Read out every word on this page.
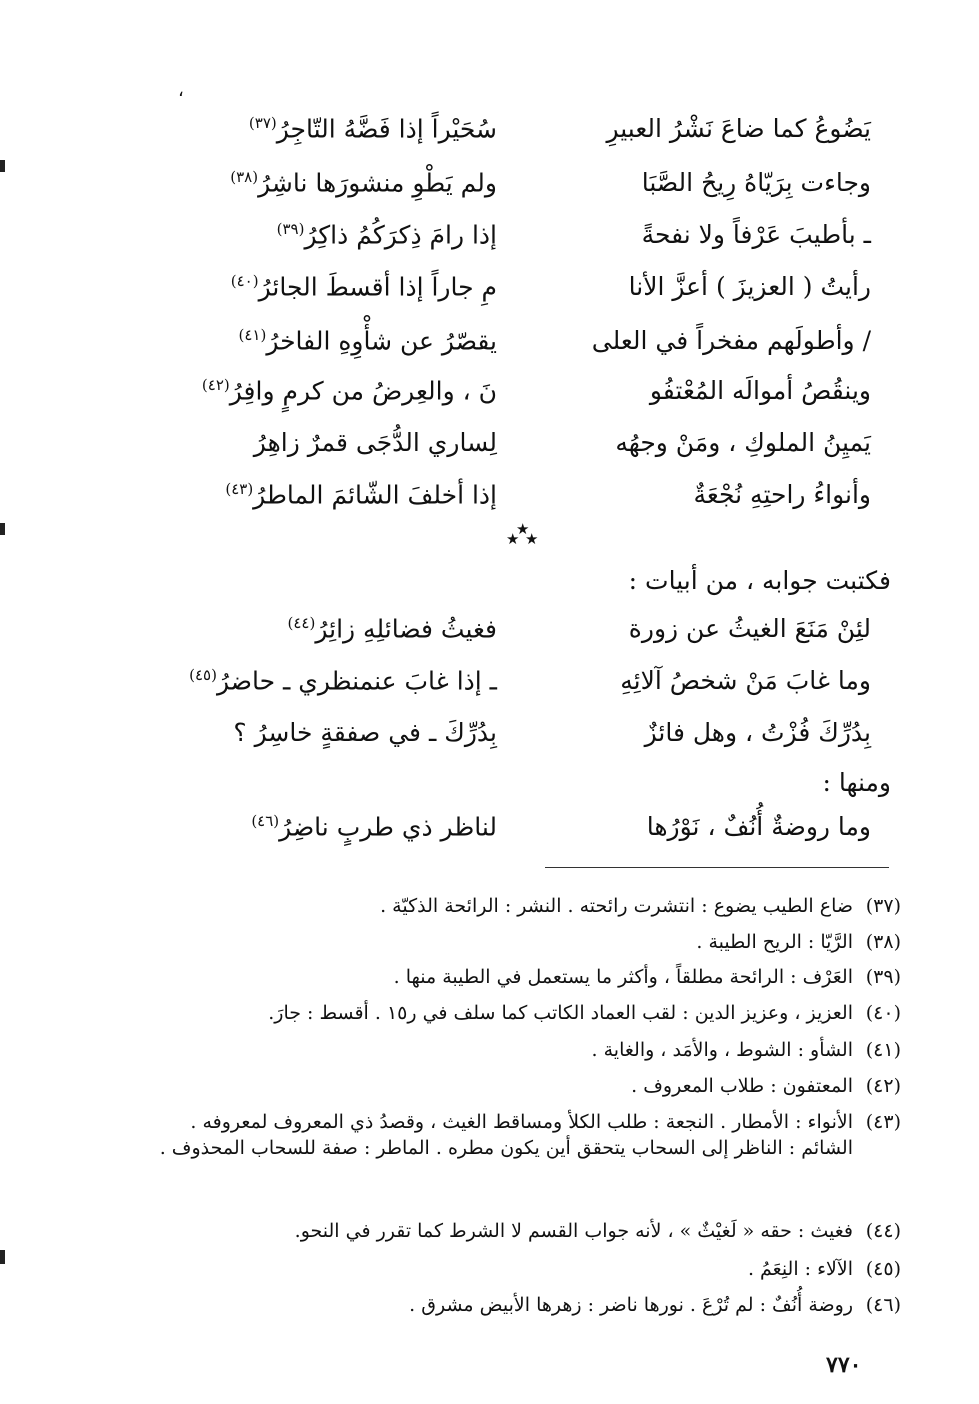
،
يَضُوعُ كما ضاعَ نَشْرُ العبيرِ
سُحَيْراً إذا فَضَّهُ التّاجِرُ$^{(٣٧)}$
وجاءت بِرَيّاهُ رِيحُ الصَّبَا
ولم يَطْوِ منشورَها ناشِرُ$^{(٣٨)}$
ـ بأطيبَ عَرْفاً ولا نفحةً
إذا رامَ ذِكرَكُمُ ذاكِرُ$^{(٣٩)}$
رأيتُ ( العزيزَ ) أعزَّ الأنا
مِ جاراً إذا أقسطَ الجائرُ$^{(٤٠)}$
/ وأطولَهم مفخراً في العلى
يقصّرُ عن شأْوِهِ الفاخرُ$^{(٤١)}$
وينقُصُ أموالَه المُعْتفُو
نَ ، والعِرضُ من كرمٍ وافِرُ$^{(٤٢)}$
يَميِنُ الملوكِ ، ومَنْ وجهُه
لِساري الدُّجَى قمرٌ زاهِرُ
وأنواءُ راحتِهِ نُجْعَةٌ
إذا أخلفَ الشّائمَ الماطرُ$^{(٤٣)}$
★
★ ★
فكتبت جوابه ، من أبيات :
لئِنْ مَنَعَ الغيثُ عن زورة
فغيثُ فضائلِهِ زائِرُ$^{(٤٤)}$
وما غابَ مَنْ شخصُ آلائِهِ
ـ إذا غابَ عنمنظري ـ حاضرُ$^{(٤٥)}$
بِدُرِّكَ فُزْتُ ، وهل فائزٌ
بِدُرِّكَ ـ في صفقةٍ خاسِرُ ؟
ومنها :
وما روضةٌ أُنُفٌ ، نَوْرُها
لناظر ذي طربٍ ناضِرُ$^{(٤٦)}$
(٣٧)
ضاع الطيب يضوع : انتشرت رائحته . النشر : الرائحة الذكيّة .
(٣٨)
الرَّيّا : الريح الطيبة .
(٣٩)
العَرْف : الرائحة مطلقاً ، وأكثر ما يستعمل في الطيبة منها .
(٤٠)
العزيز ، وعزيز الدين : لقب العماد الكاتب كما سلف في ر١٥ . أقسط : جارَ.
(٤١)
الشأو : الشوط ، والأمَد ، والغاية .
(٤٢)
المعتفون : طلاب المعروف .
(٤٣)
الأنواء : الأمطار . النجعة : طلب الكلأ ومساقط الغيث ، وقصدُ ذي المعروف لمعروفه . الشائم : الناظر إلى السحاب يتحقق أين يكون مطره . الماطر : صفة للسحاب المحذوف .
(٤٤)
فغيث : حقه « لَغيْثٌ » ، لأنه جواب القسم لا الشرط كما تقرر في النحو.
(٤٥)
الآلاء : النِعَمُ .
(٤٦)
روضة أُنُفٌ : لم تُرْعَ . نورها ناضر : زهرها الأبيض مشرق .
٧٧٠
